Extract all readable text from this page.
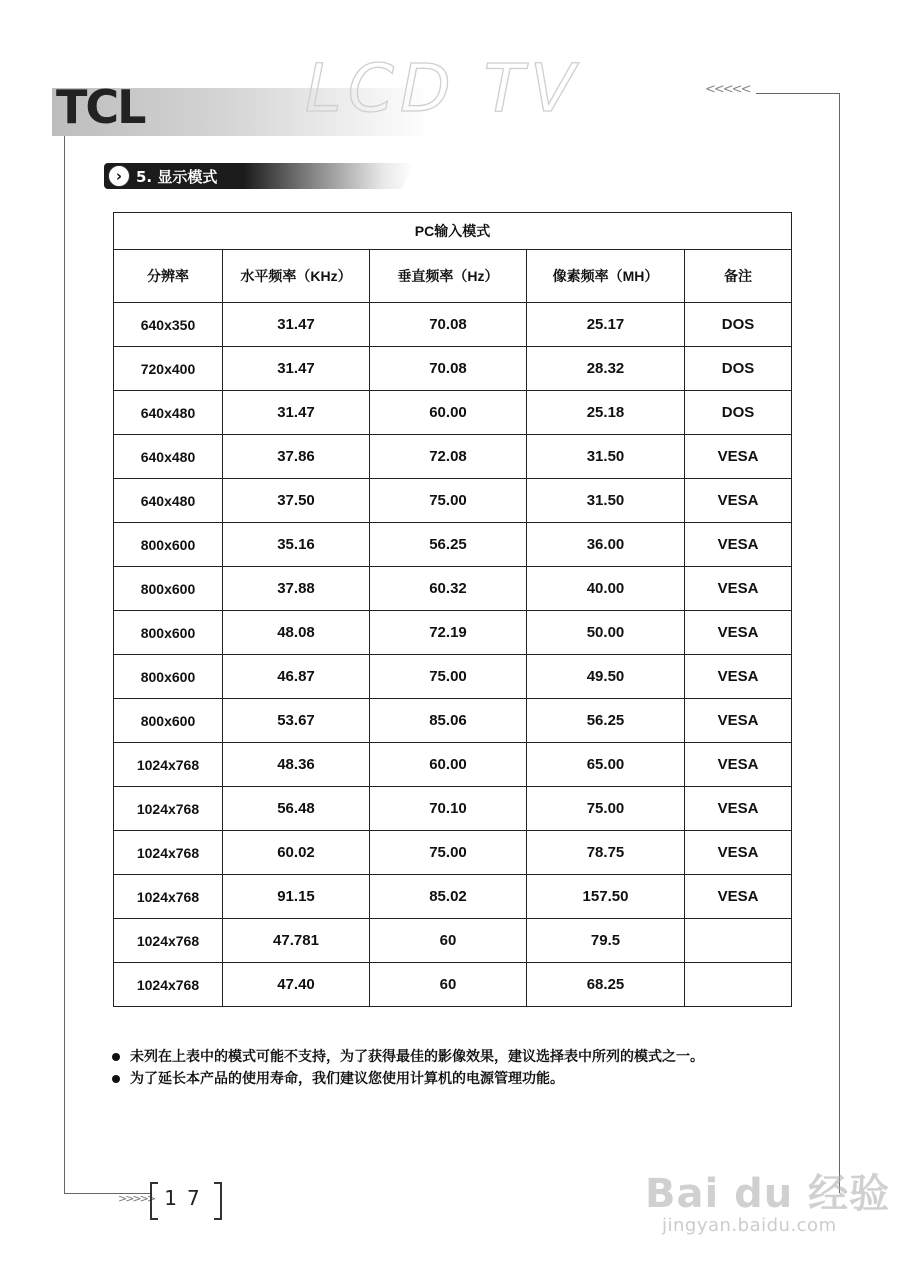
TCL LCD TV	<<<<<
› 5. 显示模式
PC输入模式				
分辨率	水平频率（KHz）	垂直频率（Hz）	像素频率（MH）	备注
640x350	31.47	70.08	25.17	DOS
720x400	31.47	70.08	28.32	DOS
640x480	31.47	60.00	25.18	DOS
640x480	37.86	72.08	31.50	VESA
640x480	37.50	75.00	31.50	VESA
800x600	35.16	56.25	36.00	VESA
800x600	37.88	60.32	40.00	VESA
800x600	48.08	72.19	50.00	VESA
800x600	46.87	75.00	49.50	VESA
800x600	53.67	85.06	56.25	VESA
1024x768	48.36	60.00	65.00	VESA
1024x768	56.48	70.10	75.00	VESA
1024x768	60.02	75.00	78.75	VESA
1024x768	91.15	85.02	157.50	VESA
1024x768	47.781	60	79.5	
1024x768	47.40	60	68.25	
未列在上表中的模式可能不支持，为了获得最佳的影像效果，建议选择表中所列的模式之一。
为了延长本产品的使用寿命，我们建议您使用计算机的电源管理功能。
>>>>> 17	Bai du 经验
jingyan.baidu.com
